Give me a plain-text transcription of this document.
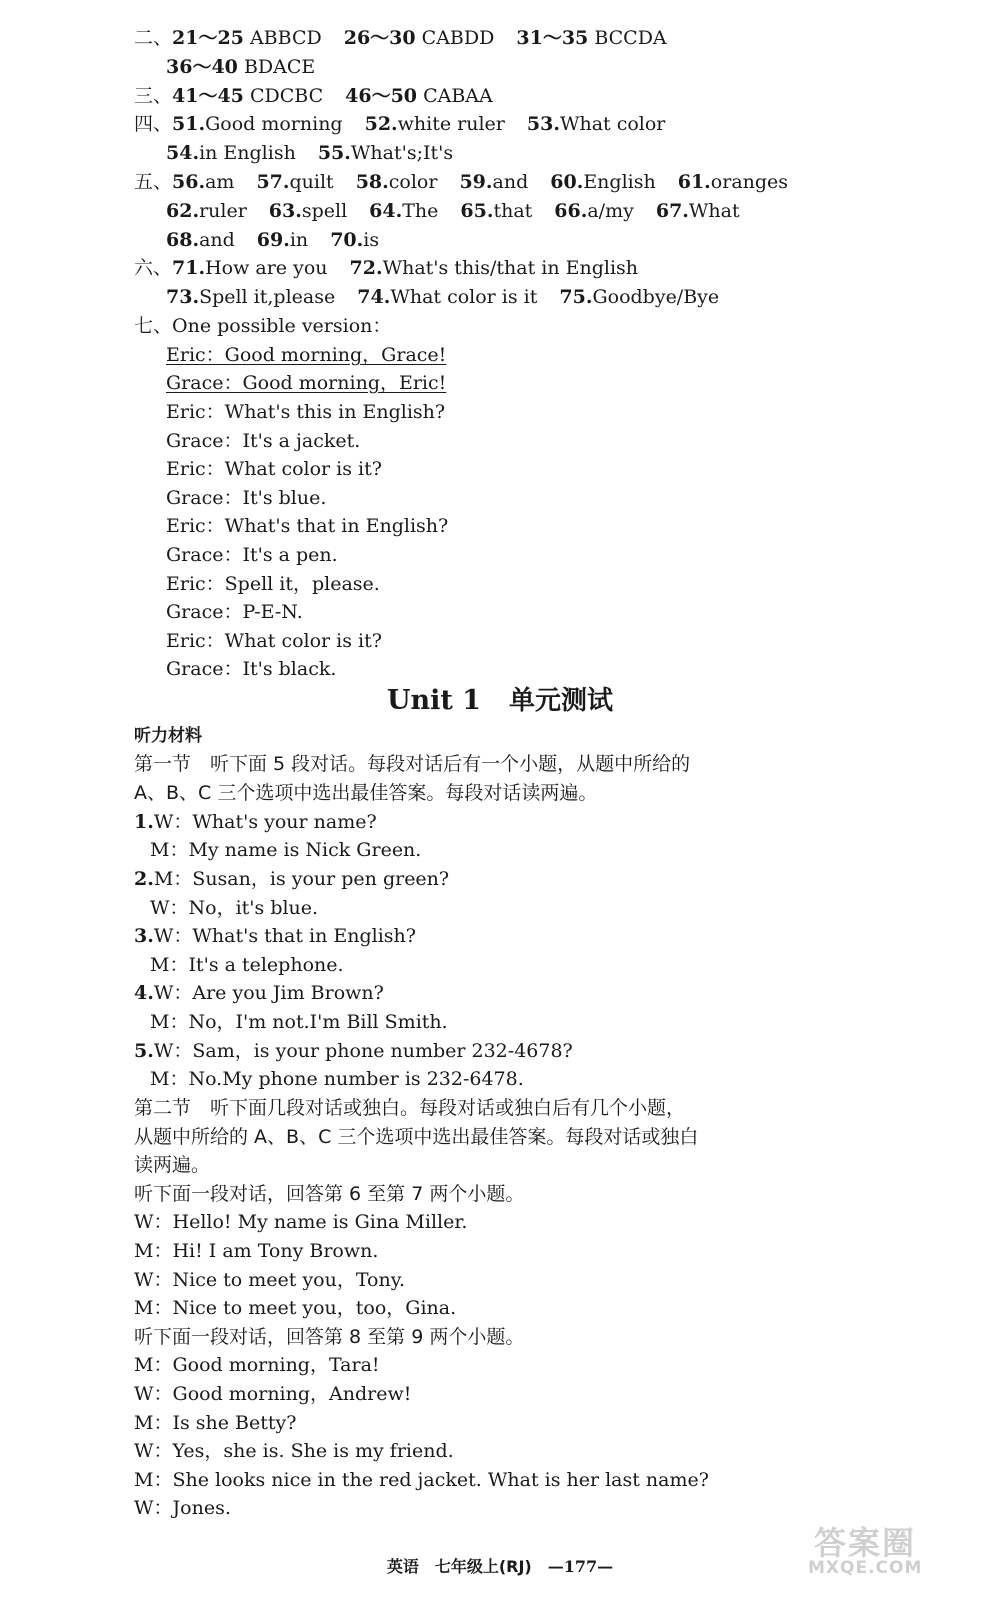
二、21～25 ABBCD 26～30 CABDD 31～35 BCCDA
36～40 BDACE
三、41～45 CDCBC 46～50 CABAA
四、51.Good morning 52.white ruler 53.What color
54.in English 55.What's;It's
五、56.am 57.quilt 58.color 59.and 60.English 61.oranges
62.ruler 63.spell 64.The 65.that 66.a/my 67.What
68.and 69.in 70.is
六、71.How are you 72.What's this/that in English
73.Spell it,please 74.What color is it 75.Goodbye/Bye
七、One possible version：
Eric：Good morning，Grace!
Grace：Good morning，Eric!
Eric：What's this in English?
Grace：It's a jacket.
Eric：What color is it?
Grace：It's blue.
Eric：What's that in English?
Grace：It's a pen.
Eric：Spell it，please.
Grace：P-E-N.
Eric：What color is it?
Grace：It's black.
Unit 1 单元测试
听力材料
第一节　听下面 5 段对话。每段对话后有一个小题，从题中所给的
A、B、C 三个选项中选出最佳答案。每段对话读两遍。
1.W：What's your name?
M：My name is Nick Green.
2.M：Susan，is your pen green?
W：No，it's blue.
3.W：What's that in English?
M：It's a telephone.
4.W：Are you Jim Brown?
M：No，I'm not.I'm Bill Smith.
5.W：Sam，is your phone number 232-4678?
M：No.My phone number is 232-6478.
第二节　听下面几段对话或独白。每段对话或独白后有几个小题，
从题中所给的 A、B、C 三个选项中选出最佳答案。每段对话或独白
读两遍。
听下面一段对话，回答第 6 至第 7 两个小题。
W：Hello! My name is Gina Miller.
M：Hi! I am Tony Brown.
W：Nice to meet you，Tony.
M：Nice to meet you，too，Gina.
听下面一段对话，回答第 8 至第 9 两个小题。
M：Good morning，Tara!
W：Good morning，Andrew!
M：Is she Betty?
W：Yes，she is. She is my friend.
M：She looks nice in the red jacket. What is her last name?
W：Jones.
英语 七年级上(RJ) —177—
答案圈
MXQE.COM
